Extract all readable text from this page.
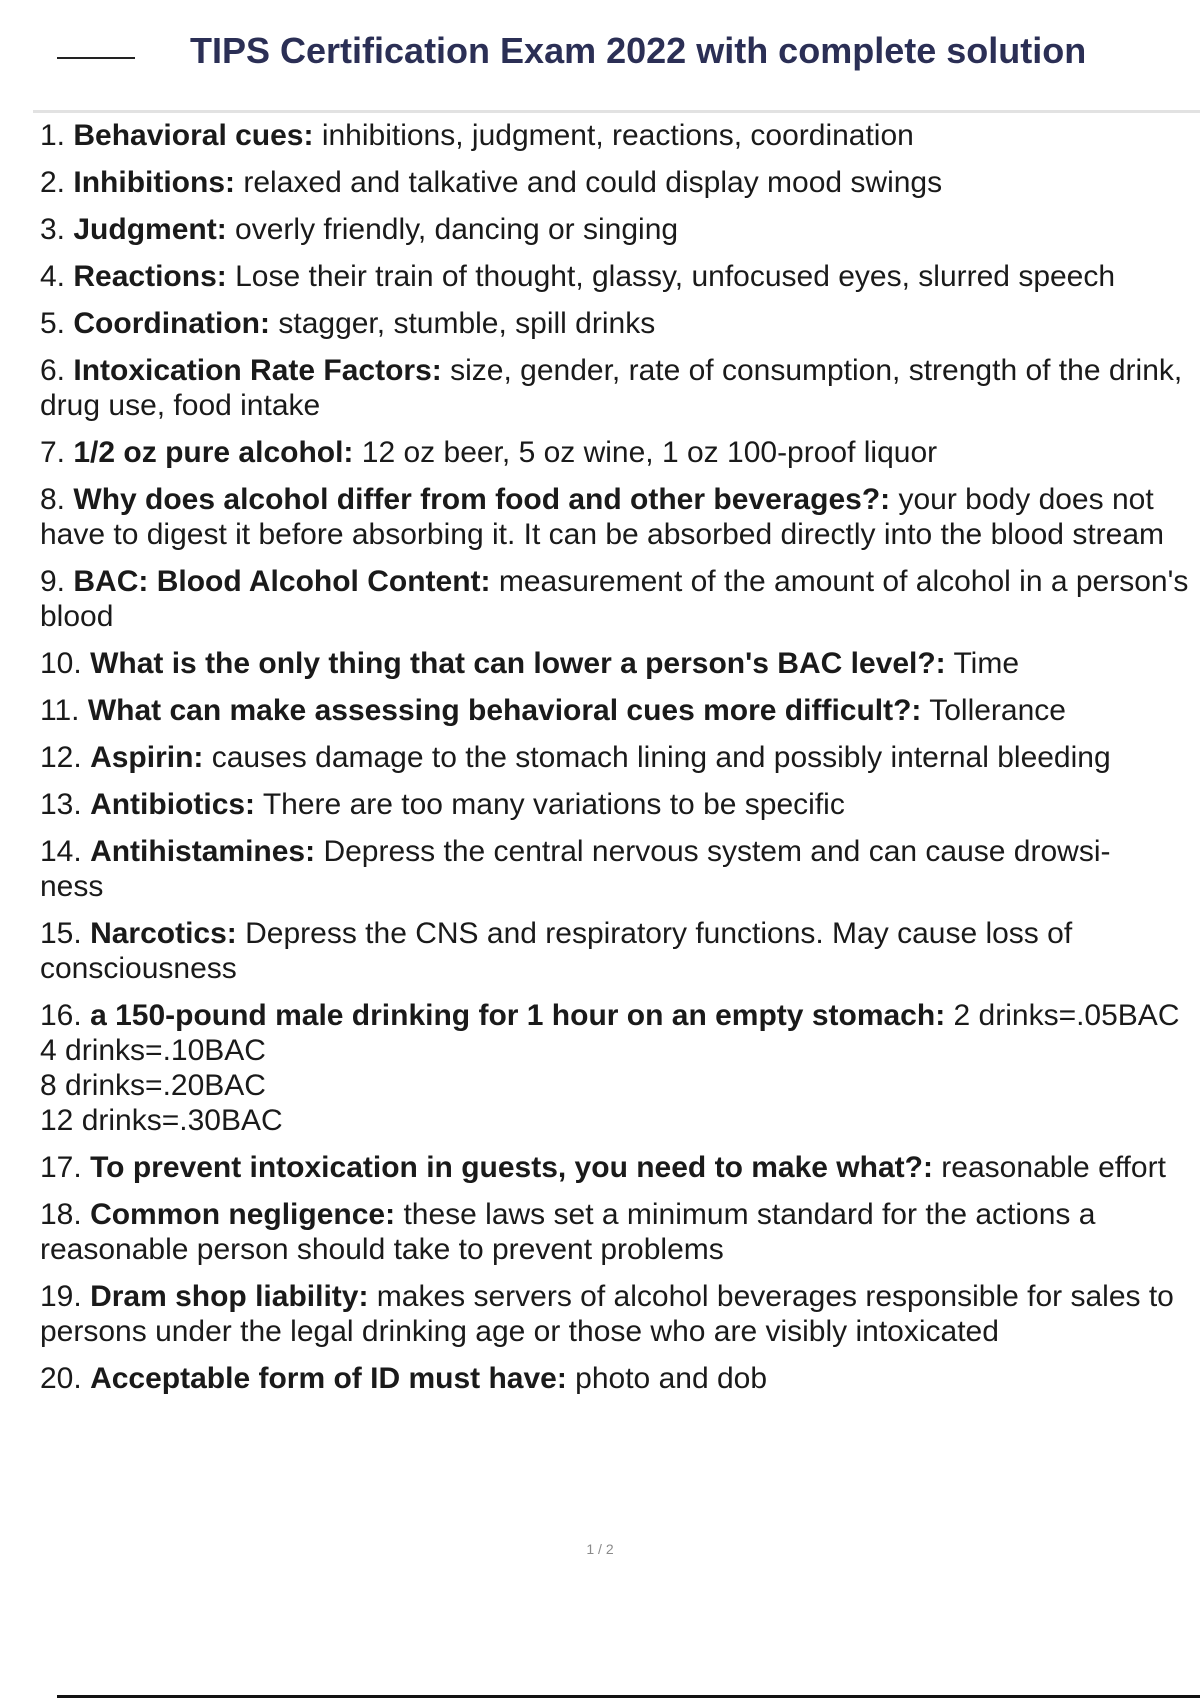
TIPS Certification Exam 2022 with complete solution
1. Behavioral cues: inhibitions, judgment, reactions, coordination
2. Inhibitions: relaxed and talkative and could display mood swings
3. Judgment: overly friendly, dancing or singing
4. Reactions: Lose their train of thought, glassy, unfocused eyes, slurred speech
5. Coordination: stagger, stumble, spill drinks
6. Intoxication Rate Factors: size, gender, rate of consumption, strength of the drink, drug use, food intake
7. 1/2 oz pure alcohol: 12 oz beer, 5 oz wine, 1 oz 100-proof liquor
8. Why does alcohol differ from food and other beverages?: your body does not have to digest it before absorbing it. It can be absorbed directly into the blood stream
9. BAC: Blood Alcohol Content: measurement of the amount of alcohol in a person's blood
10. What is the only thing that can lower a person's BAC level?: Time
11. What can make assessing behavioral cues more difficult?: Tollerance
12. Aspirin: causes damage to the stomach lining and possibly internal bleeding
13. Antibiotics: There are too many variations to be specific
14. Antihistamines: Depress the central nervous system and can cause drowsi-
ness
15. Narcotics: Depress the CNS and respiratory functions. May cause loss of consciousness
16. a 150-pound male drinking for 1 hour on an empty stomach: 2 drinks=.05BAC
4 drinks=.10BAC
8 drinks=.20BAC
12 drinks=.30BAC
17. To prevent intoxication in guests, you need to make what?: reasonable effort
18. Common negligence: these laws set a minimum standard for the actions a reasonable person should take to prevent problems
19. Dram shop liability: makes servers of alcohol beverages responsible for sales to persons under the legal drinking age or those who are visibly intoxicated
20. Acceptable form of ID must have: photo and dob
1 / 2
